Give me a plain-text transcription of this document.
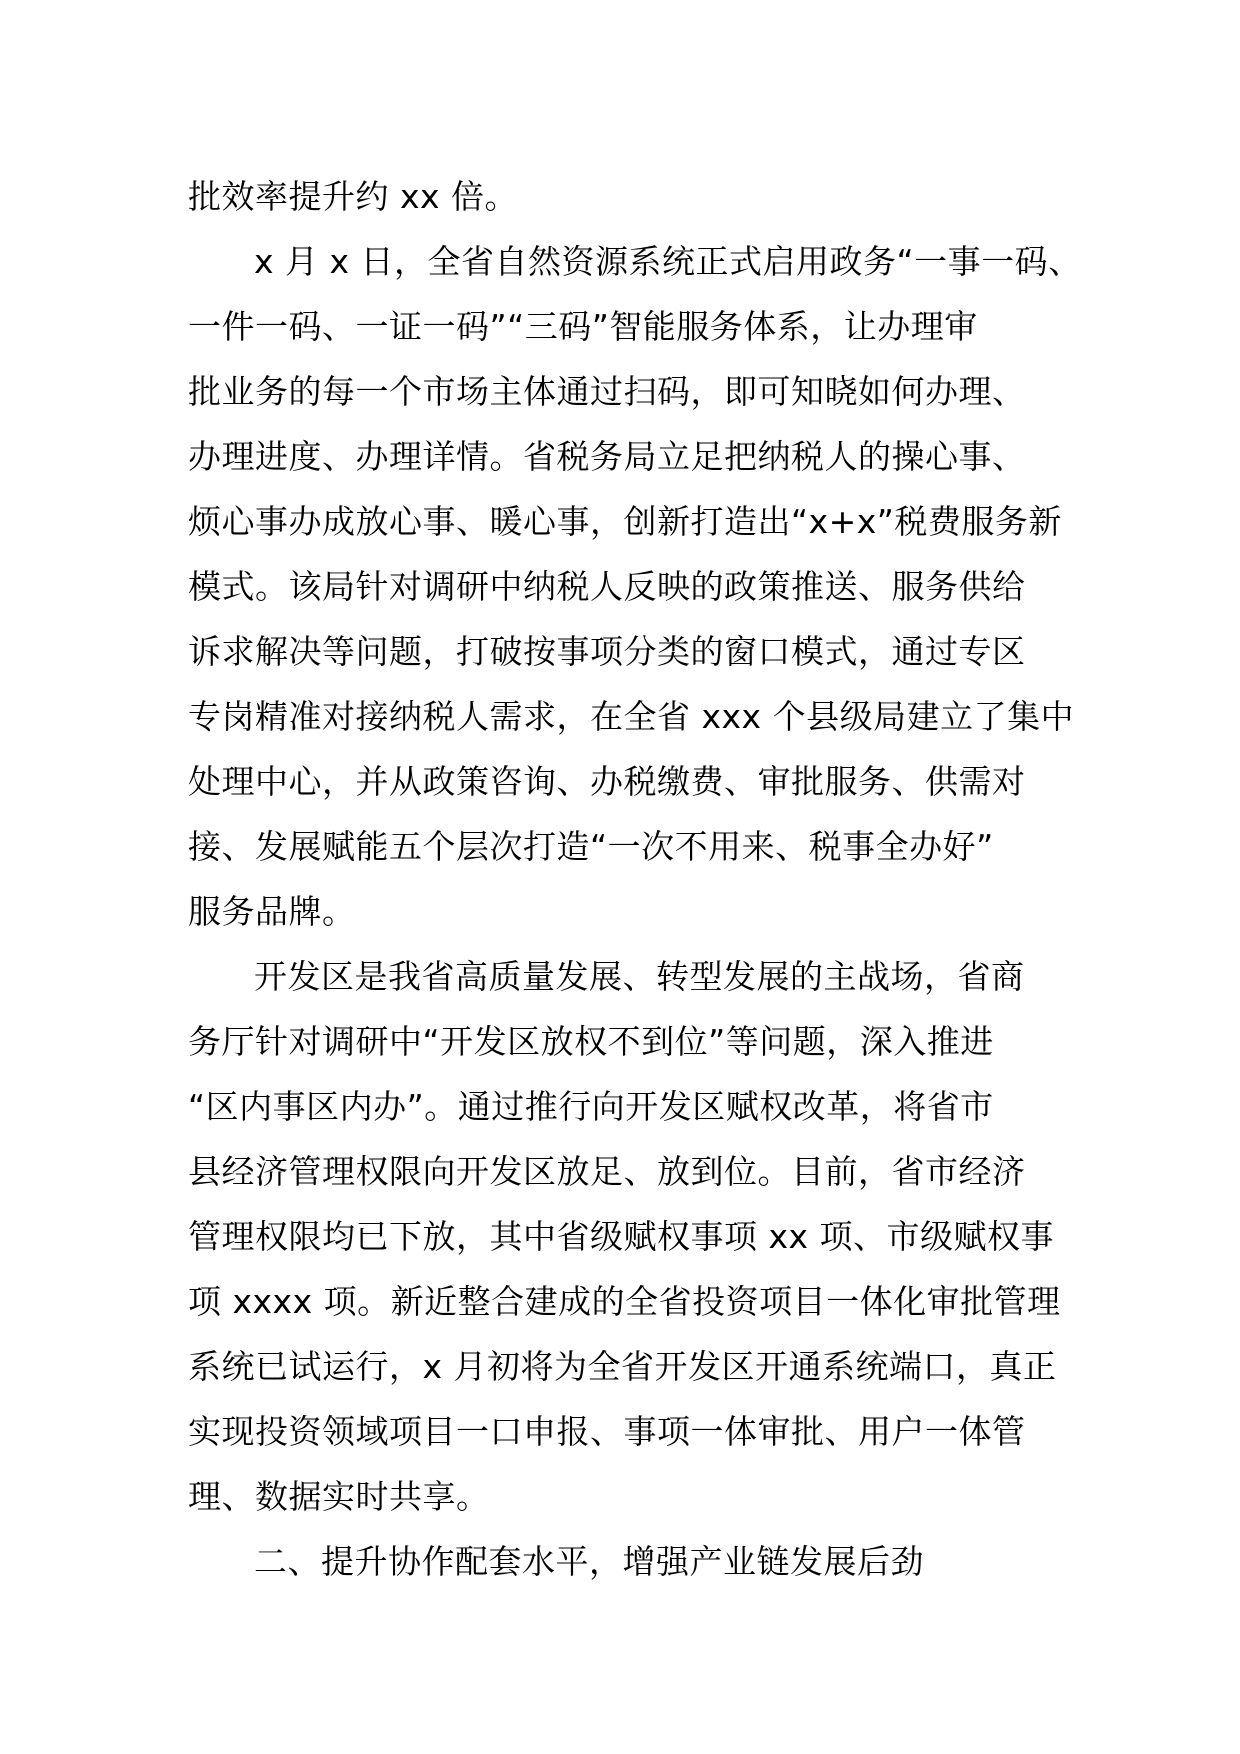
批效率提升约 xx 倍。
x 月 x 日，全省自然资源系统正式启用政务“一事一码、
一件一码、一证一码”“三码”智能服务体系，让办理审
批业务的每一个市场主体通过扫码，即可知晓如何办理、
办理进度、办理详情。省税务局立足把纳税人的操心事、
烦心事办成放心事、暖心事，创新打造出“x+x”税费服务新
模式。该局针对调研中纳税人反映的政策推送、服务供给
诉求解决等问题，打破按事项分类的窗口模式，通过专区
专岗精准对接纳税人需求，在全省 xxx 个县级局建立了集中
处理中心，并从政策咨询、办税缴费、审批服务、供需对
接、发展赋能五个层次打造“一次不用来、税事全办好”
服务品牌。
开发区是我省高质量发展、转型发展的主战场，省商
务厅针对调研中“开发区放权不到位”等问题，深入推进
“区内事区内办”。通过推行向开发区赋权改革，将省市
县经济管理权限向开发区放足、放到位。目前，省市经济
管理权限均已下放，其中省级赋权事项 xx 项、市级赋权事
项 xxxx 项。新近整合建成的全省投资项目一体化审批管理
系统已试运行，x 月初将为全省开发区开通系统端口，真正
实现投资领域项目一口申报、事项一体审批、用户一体管
理、数据实时共享。
二、提升协作配套水平，增强产业链发展后劲
